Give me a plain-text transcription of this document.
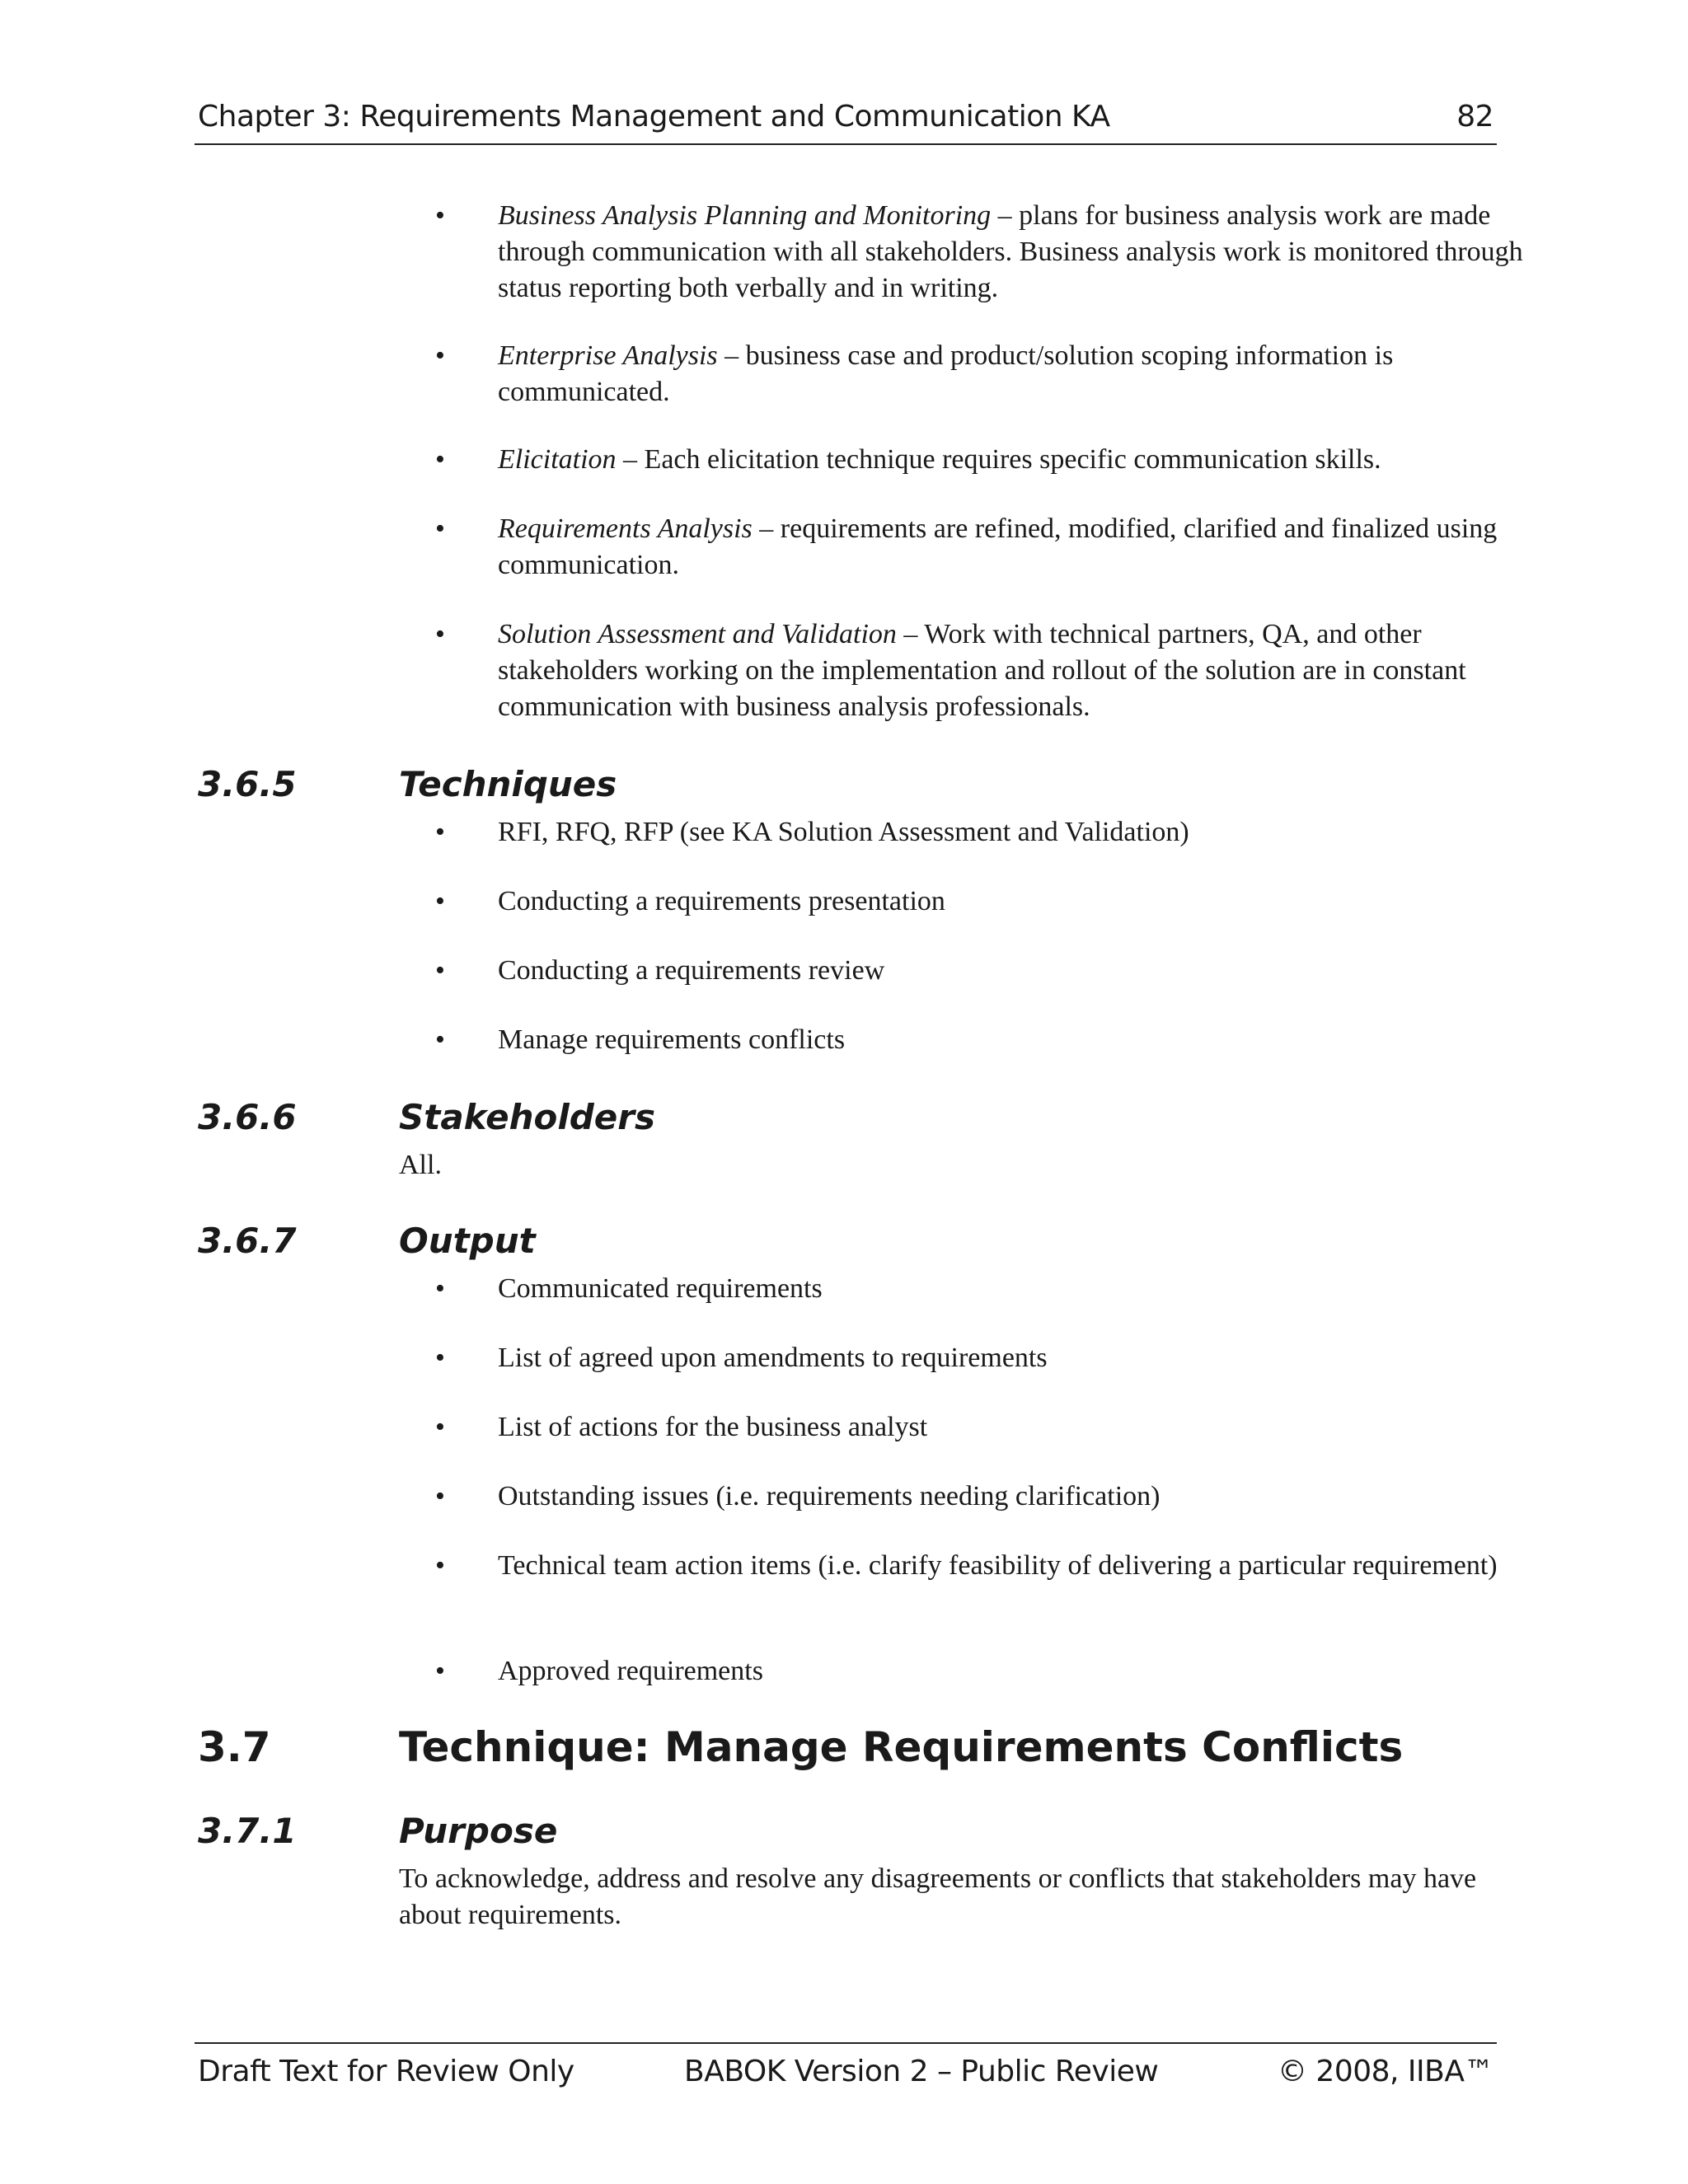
Chapter 3: Requirements Management and Communication KA	82
•	Business Analysis Planning and Monitoring – plans for business analysis work are made through communication with all stakeholders. Business analysis work is monitored through status reporting both verbally and in writing.
•	Enterprise Analysis – business case and product/solution scoping information is communicated.
•	Elicitation – Each elicitation technique requires specific communication skills.
•	Requirements Analysis – requirements are refined, modified, clarified and finalized using communication.
•	Solution Assessment and Validation – Work with technical partners, QA, and other stakeholders working on the implementation and rollout of the solution are in constant communication with business analysis professionals.
3.6.5	Techniques
•	RFI, RFQ, RFP (see KA Solution Assessment and Validation)
•	Conducting a requirements presentation
•	Conducting a requirements review
•	Manage requirements conflicts
3.6.6	Stakeholders
All.
3.6.7	Output
•	Communicated requirements
•	List of agreed upon amendments to requirements
•	List of actions for the business analyst
•	Outstanding issues (i.e. requirements needing clarification)
•	Technical team action items (i.e. clarify feasibility of delivering a particular requirement)
•	Approved requirements
3.7	Technique: Manage Requirements Conflicts
3.7.1	Purpose
To acknowledge, address and resolve any disagreements or conflicts that stakeholders may have about requirements.
Draft Text for Review Only	BABOK Version 2 – Public Review	© 2008, IIBA™
